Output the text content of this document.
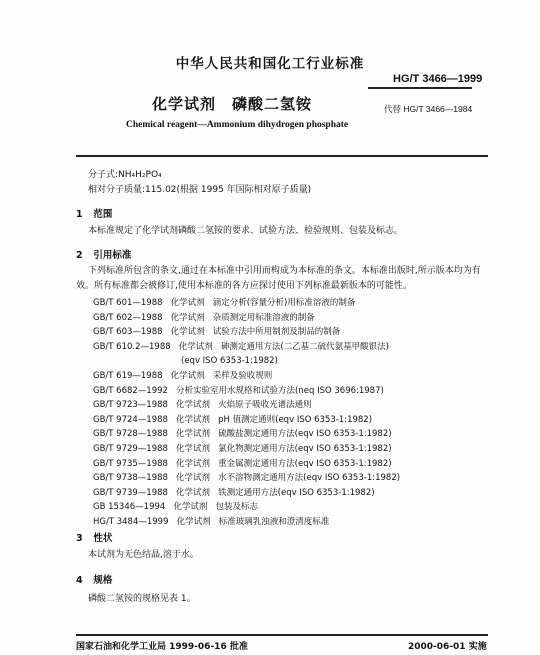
中华人民共和国化工行业标准
HG/T 3466—1999
化学试剂　磷酸二氢铵	代替 HG/T 3466—1984
Chemical reagent—Ammonium dihydrogen phosphate
分子式:NH₄H₂PO₄
相对分子质量:115.02(根据 1995 年国际相对原子质量)
1 范围
本标准规定了化学试剂磷酸二氢铵的要求、试验方法、检验规则、包装及标志。
2 引用标准
下列标准所包含的条文,通过在本标准中引用而构成为本标准的条文。本标准出版时,所示版本均为有效。所有标准都会被修订,使用本标准的各方应探讨使用下列标准最新版本的可能性。
GB/T 601—1988   化学试剂   滴定分析(容量分析)用标准溶液的制备
GB/T 602—1988   化学试剂   杂质测定用标准溶液的制备
GB/T 603—1988   化学试剂   试验方法中所用制剂及制品的制备
GB/T 610.2—1988   化学试剂   砷测定通用方法(二乙基二硫代氨基甲酸银法)
(eqv ISO 6353-1:1982)
GB/T 619—1988   化学试剂   采样及验收规则
GB/T 6682—1992   分析实验室用水规格和试验方法(neq ISO 3696:1987)
GB/T 9723—1988   化学试剂   火焰原子吸收光谱法通则
GB/T 9724—1988   化学试剂   pH 值测定通则(eqv ISO 6353-1:1982)
GB/T 9728—1988   化学试剂   硫酸盐测定通用方法(eqv ISO 6353-1:1982)
GB/T 9729—1988   化学试剂   氯化物测定通用方法(eqv ISO 6353-1:1982)
GB/T 9735—1988   化学试剂   重金属测定通用方法(eqv ISO 6353-1:1982)
GB/T 9738—1988   化学试剂   水不溶物测定通用方法(eqv ISO 6353-1:1982)
GB/T 9739—1988   化学试剂   铁测定通用方法(eqv ISO 6353-1:1982)
GB 15346—1994   化学试剂   包装及标志
HG/T 3484—1999   化学试剂   标准玻璃乳浊液和澄清度标准
3 性状
本试剂为无色结晶,溶于水。
4 规格
磷酸二氢铵的规格见表 1。
国家石油和化学工业局 1999-06-16 批准	2000-06-01 实施
